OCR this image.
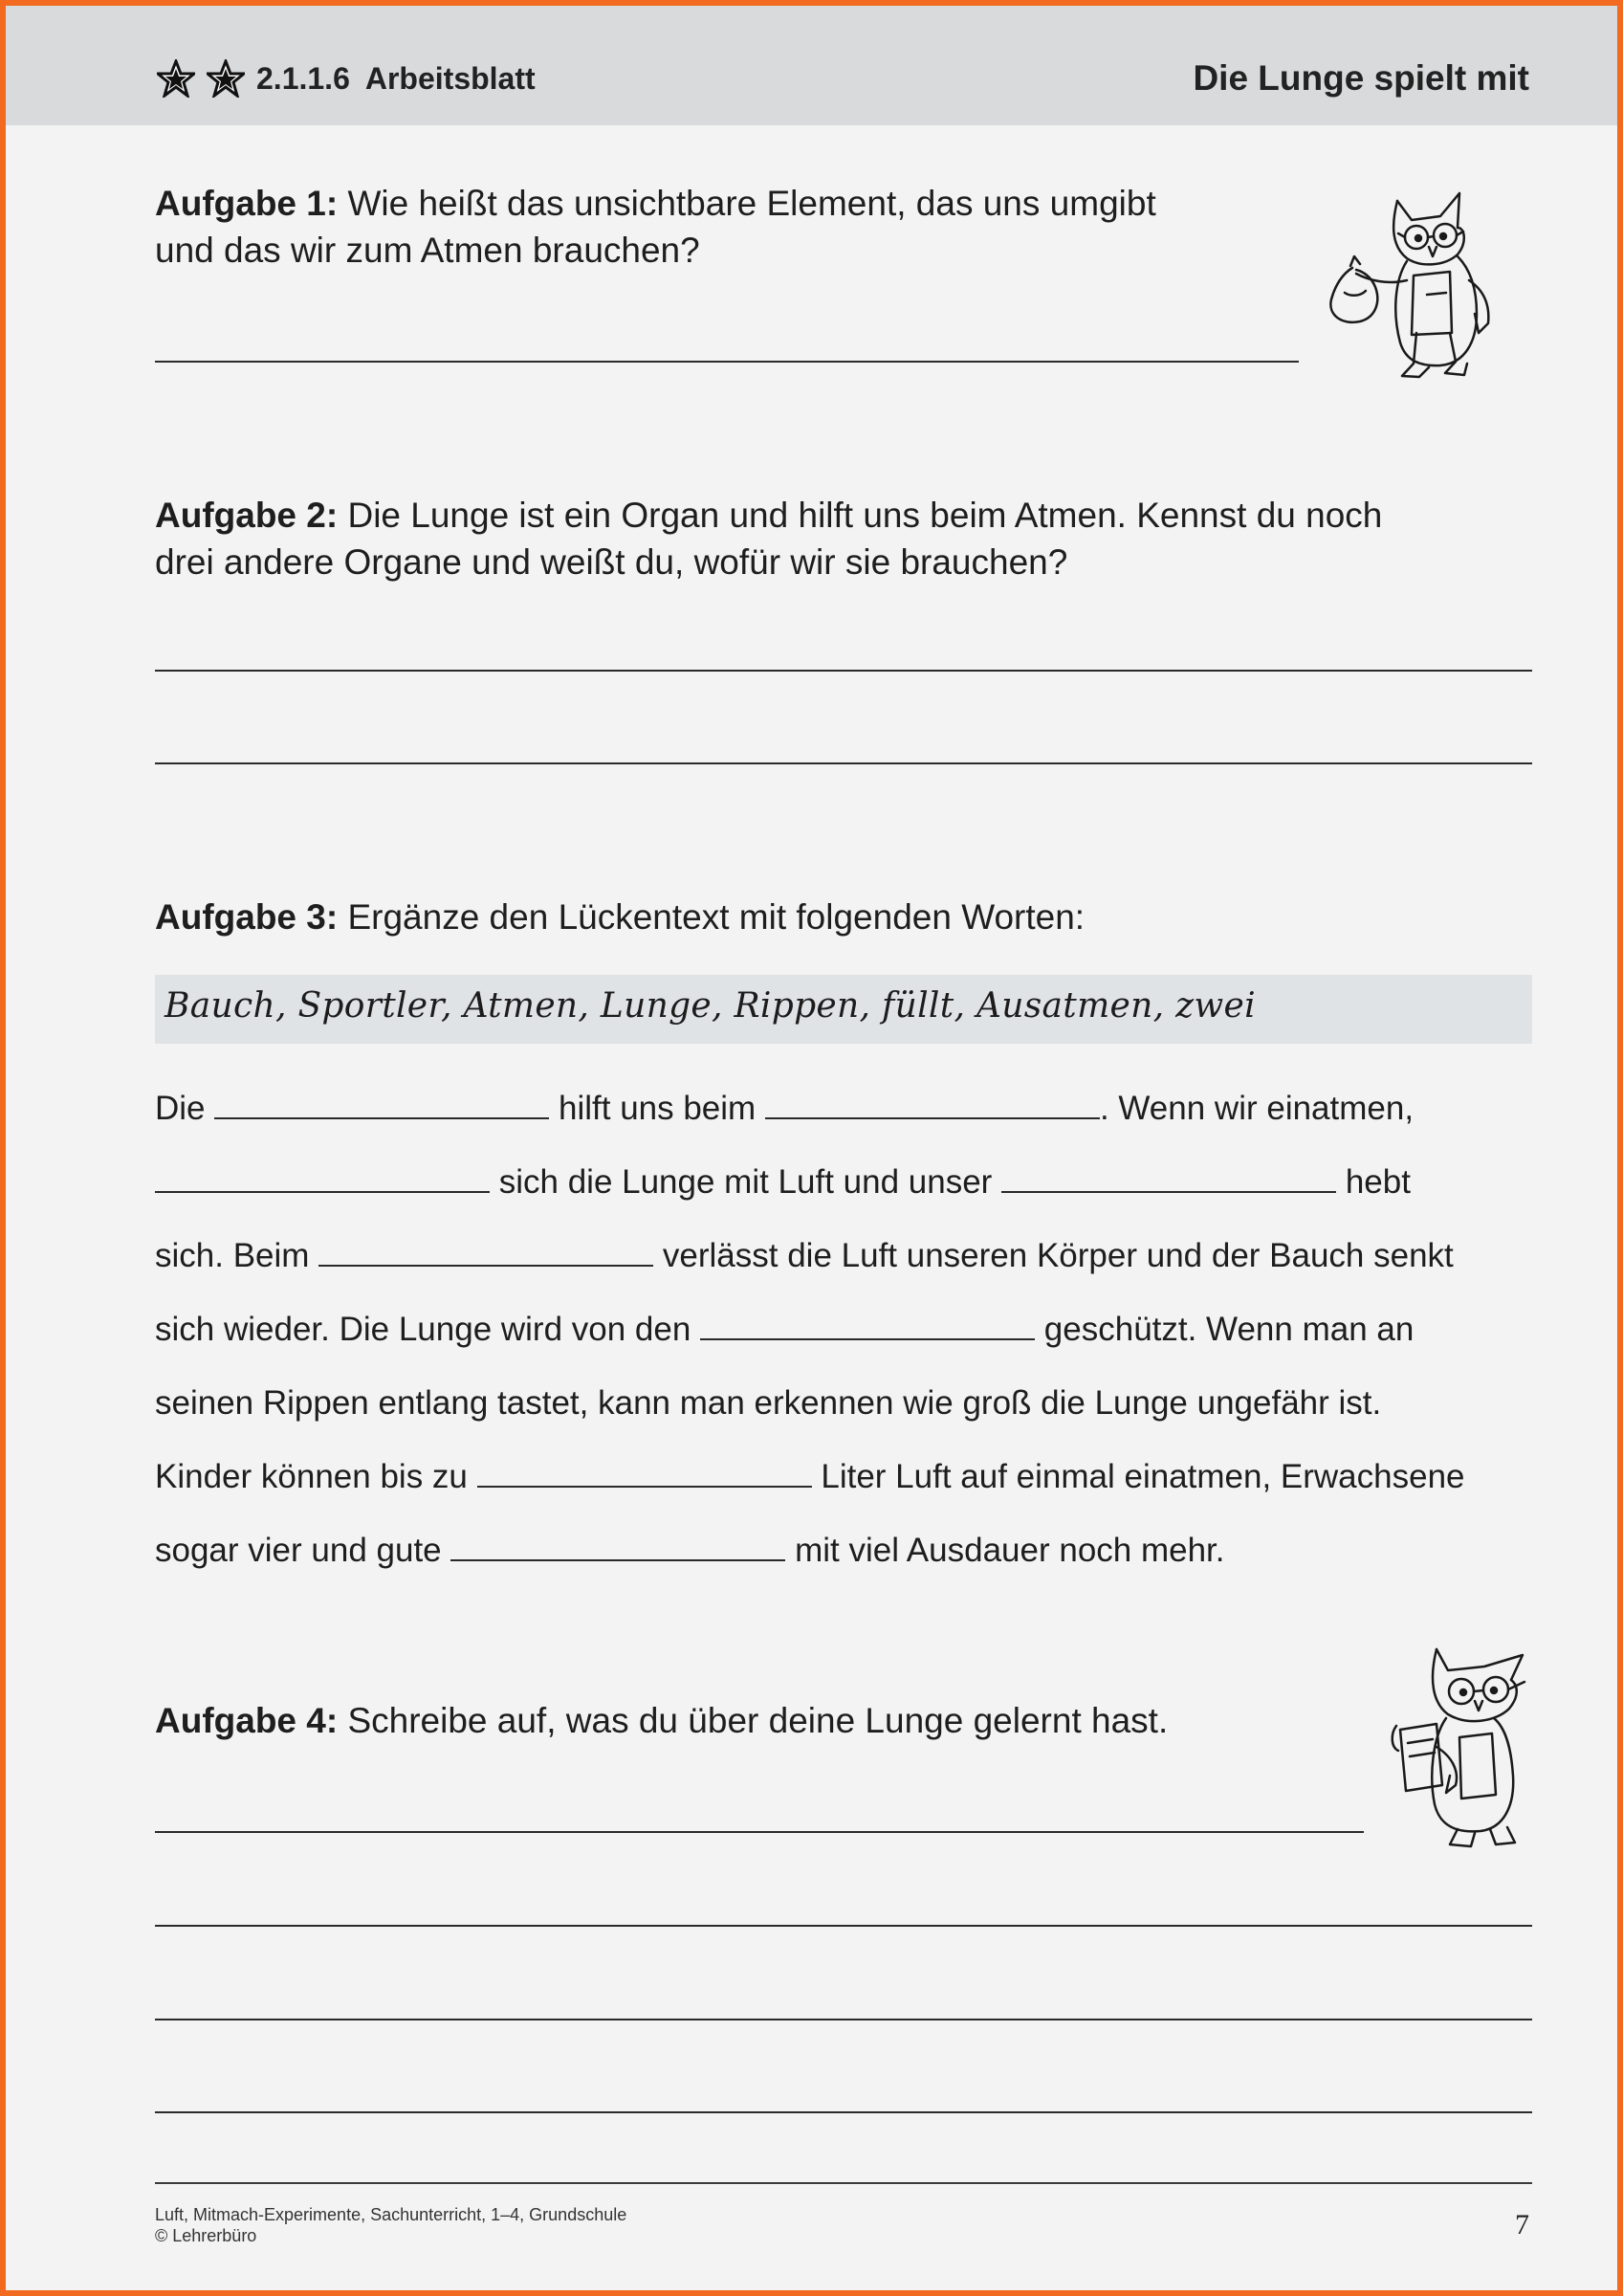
2.1.1.6 Arbeitsblatt	Die Lunge spielt mit
Aufgabe 1: Wie heißt das unsichtbare Element, das uns umgibt
und das wir zum Atmen brauchen?
Aufgabe 2: Die Lunge ist ein Organ und hilft uns beim Atmen. Kennst du noch
drei andere Organe und weißt du, wofür wir sie brauchen?
Aufgabe 3: Ergänze den Lückentext mit folgenden Worten:
Bauch, Sportler, Atmen, Lunge, Rippen, füllt, Ausatmen, zwei
Die	hilft uns beim	. Wenn wir einatmen,
sich die Lunge mit Luft und unser	hebt
sich. Beim	verlässt die Luft unseren Körper und der Bauch senkt
sich wieder. Die Lunge wird von den	geschützt. Wenn man an
seinen Rippen entlang tastet, kann man erkennen wie groß die Lunge ungefähr ist.
Kinder können bis zu	Liter Luft auf einmal einatmen, Erwachsene
sogar vier und gute	mit viel Ausdauer noch mehr.
Aufgabe 4: Schreibe auf, was du über deine Lunge gelernt hast.
Luft, Mitmach-Experimente, Sachunterricht, 1–4, Grundschule
© Lehrerbüro	7
